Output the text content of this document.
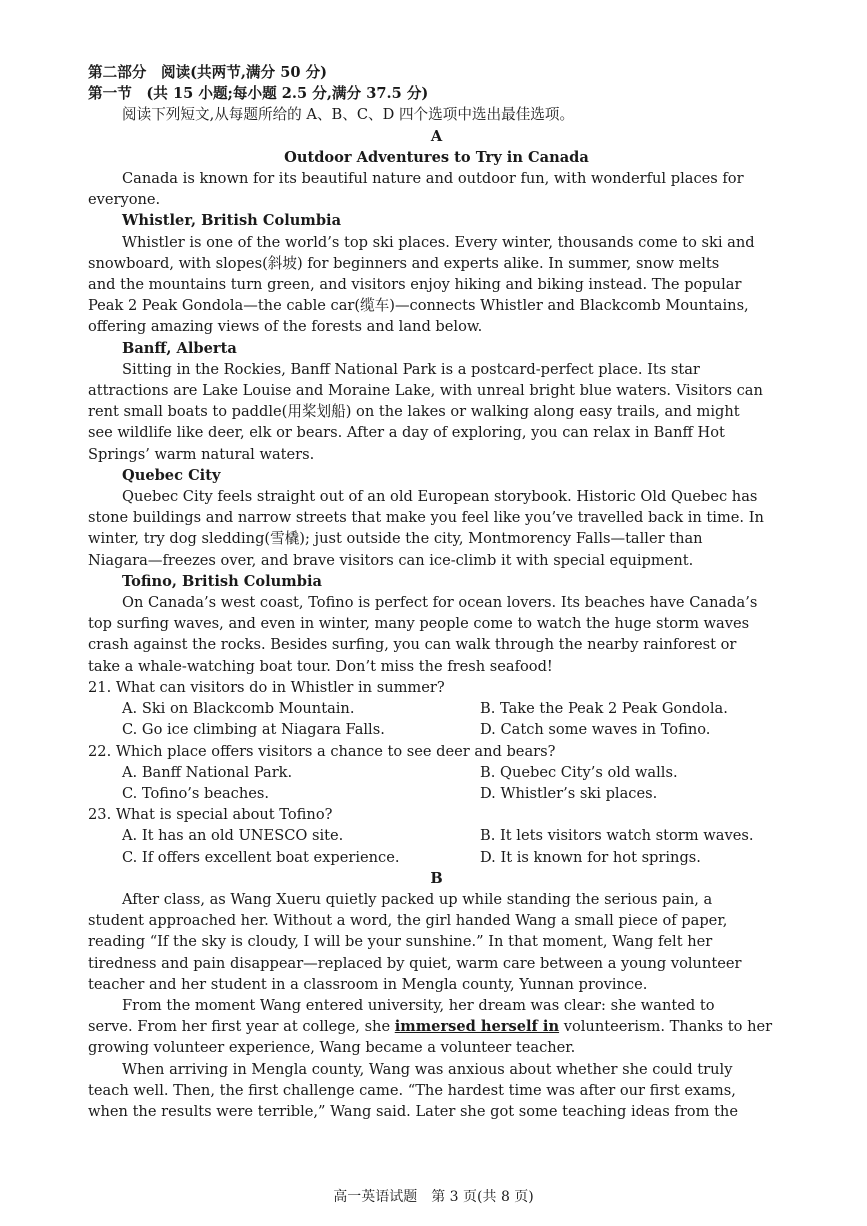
第二部分　阅读(共两节,满分 50 分)
第一节　(共 15 小题;每小题 2.5 分,满分 37.5 分)
阅读下列短文,从每题所给的 A、B、C、D 四个选项中选出最佳选项。
A
Outdoor Adventures to Try in Canada
Canada is known for its beautiful nature and outdoor fun, with wonderful places for
everyone.
Whistler, British Columbia
Whistler is one of the world’s top ski places. Every winter, thousands come to ski and
snowboard, with slopes(斜坡) for beginners and experts alike. In summer, snow melts
and the mountains turn green, and visitors enjoy hiking and biking instead. The popular
Peak 2 Peak Gondola—the cable car(缆车)—connects Whistler and Blackcomb Mountains,
offering amazing views of the forests and land below.
Banff, Alberta
Sitting in the Rockies, Banff National Park is a postcard-perfect place. Its star
attractions are Lake Louise and Moraine Lake, with unreal bright blue waters. Visitors can
rent small boats to paddle(用桨划船) on the lakes or walking along easy trails, and might
see wildlife like deer, elk or bears. After a day of exploring, you can relax in Banff Hot
Springs’ warm natural waters.
Quebec City
Quebec City feels straight out of an old European storybook. Historic Old Quebec has
stone buildings and narrow streets that make you feel like you’ve travelled back in time. In
winter, try dog sledding(雪橇); just outside the city, Montmorency Falls—taller than
Niagara—freezes over, and brave visitors can ice-climb it with special equipment.
Tofino, British Columbia
On Canada’s west coast, Tofino is perfect for ocean lovers. Its beaches have Canada’s
top surfing waves, and even in winter, many people come to watch the huge storm waves
crash against the rocks. Besides surfing, you can walk through the nearby rainforest or
take a whale-watching boat tour. Don’t miss the fresh seafood!
21. What can visitors do in Whistler in summer?
A. Ski on Blackcomb Mountain.	B. Take the Peak 2 Peak Gondola.
C. Go ice climbing at Niagara Falls.	D. Catch some waves in Tofino.
22. Which place offers visitors a chance to see deer and bears?
A. Banff National Park.	B. Quebec City’s old walls.
C. Tofino’s beaches.	D. Whistler’s ski places.
23. What is special about Tofino?
A. It has an old UNESCO site.	B. It lets visitors watch storm waves.
C. If offers excellent boat experience.	D. It is known for hot springs.
B
After class, as Wang Xueru quietly packed up while standing the serious pain, a
student approached her. Without a word, the girl handed Wang a small piece of paper,
reading “If the sky is cloudy, I will be your sunshine.” In that moment, Wang felt her
tiredness and pain disappear—replaced by quiet, warm care between a young volunteer
teacher and her student in a classroom in Mengla county, Yunnan province.
From the moment Wang entered university, her dream was clear: she wanted to
serve. From her first year at college, she immersed herself in volunteerism. Thanks to her
growing volunteer experience, Wang became a volunteer teacher.
When arriving in Mengla county, Wang was anxious about whether she could truly
teach well. Then, the first challenge came. “The hardest time was after our first exams,
when the results were terrible,” Wang said. Later she got some teaching ideas from the
高一英语试题　第 3 页(共 8 页)
